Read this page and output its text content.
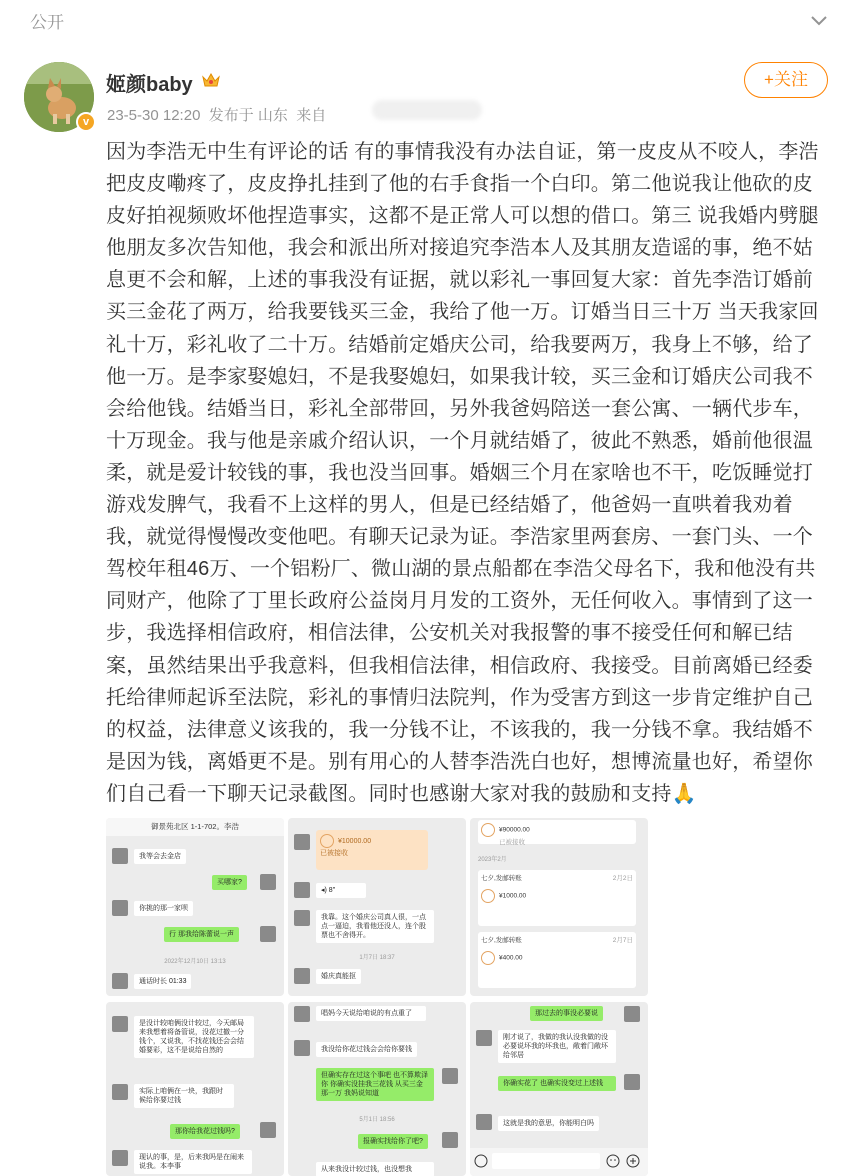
公开
v
姬颜baby
23-5-30 12:20 发布于 山东 来自
+关注
因为李浩无中生有评论的话 有的事情我没有办法自证，第一皮皮从不咬人，李浩把皮皮嘞疼了，皮皮挣扎挂到了他的右手食指一个白印。第二他说我让他砍的皮皮好拍视频败坏他捏造事实，这都不是正常人可以想的借口。第三 说我婚内劈腿他朋友多次告知他，我会和派出所对接追究李浩本人及其朋友造谣的事，绝不姑息更不会和解，上述的事我没有证据，就以彩礼一事回复大家：首先李浩订婚前买三金花了两万，给我要钱买三金，我给了他一万。订婚当日三十万 当天我家回礼十万，彩礼收了二十万。结婚前定婚庆公司，给我要两万，我身上不够，给了他一万。是李家娶媳妇，不是我娶媳妇，如果我计较，买三金和订婚庆公司我不会给他钱。结婚当日，彩礼全部带回，另外我爸妈陪送一套公寓、一辆代步车，十万现金。我与他是亲戚介绍认识，一个月就结婚了，彼此不熟悉，婚前他很温柔，就是爱计较钱的事，我也没当回事。婚姻三个月在家啥也不干，吃饭睡觉打游戏发脾气，我看不上这样的男人，但是已经结婚了，他爸妈一直哄着我劝着我，就觉得慢慢改变他吧。有聊天记录为证。李浩家里两套房、一套门头、一个驾校年租46万、一个铝粉厂、微山湖的景点船都在李浩父母名下，我和他没有共同财产，他除了丁里长政府公益岗月月发的工资外，无任何收入。事情到了这一步，我选择相信政府，相信法律，公安机关对我报警的事不接受任何和解已结案，虽然结果出乎我意料，但我相信法律，相信政府、我接受。目前离婚已经委托给律师起诉至法院，彩礼的事情归法院判，作为受害方到这一步肯定维护自己的权益，法律意义该我的，我一分钱不让，不该我的，我一分钱不拿。我结婚不是因为钱，离婚更不是。别有用心的人替李浩洗白也好，想博流量也好，希望你们自己看一下聊天记录截图。同时也感谢大家对我的鼓励和支持🙏
御景苑北区 1-1-702。李浩
我等会去金店
买哪家?
你挑的那一家呗
行 那我给陈蕾说一声
2022年12月10日 13:13
通话时长 01:33
¥10000.00
已被接收
◂) 8"
我靠。这个婚庆公司真人很，一点点一逼迫，我看他还没人，连个股票也不舍得开。
1月7日 18:37
婚庆真能抠
¥90000.00
已被接收
2023年2月
七夕,发邮转账	2月2日

¥1000.00
七夕,发邮转账	2月7日

¥400.00
是没计较咱俩没计较过，今天邮局 来我想着将备管说，没花过撤一分钱个，又说我，不找花钱还会会结婚要彩，这不是说给自然的
实际上咱俩在一块，我跟时候给你要过钱
那你给我花过钱吗?
现认的事，是，后来我吗是在闹来说我。本李事
唱妈今天说给咱说的有点重了
我没给你花过钱会会给你要钱
但确实存在过这个事吧 也不算欺泽你 你确实没挂我三花钱 从买三金那一万 我妈说知道
5月1日 18:56
报确实找给你了吧?
从来我没计较过钱，也没想我
那过去的事没必要说
刚才说了，我做的我认没我做的没必要说坏我的坏我也，敞着门敞坏给邻居
你确实花了 也确实没变过上述钱
这就是我的意思，你能明白吗
